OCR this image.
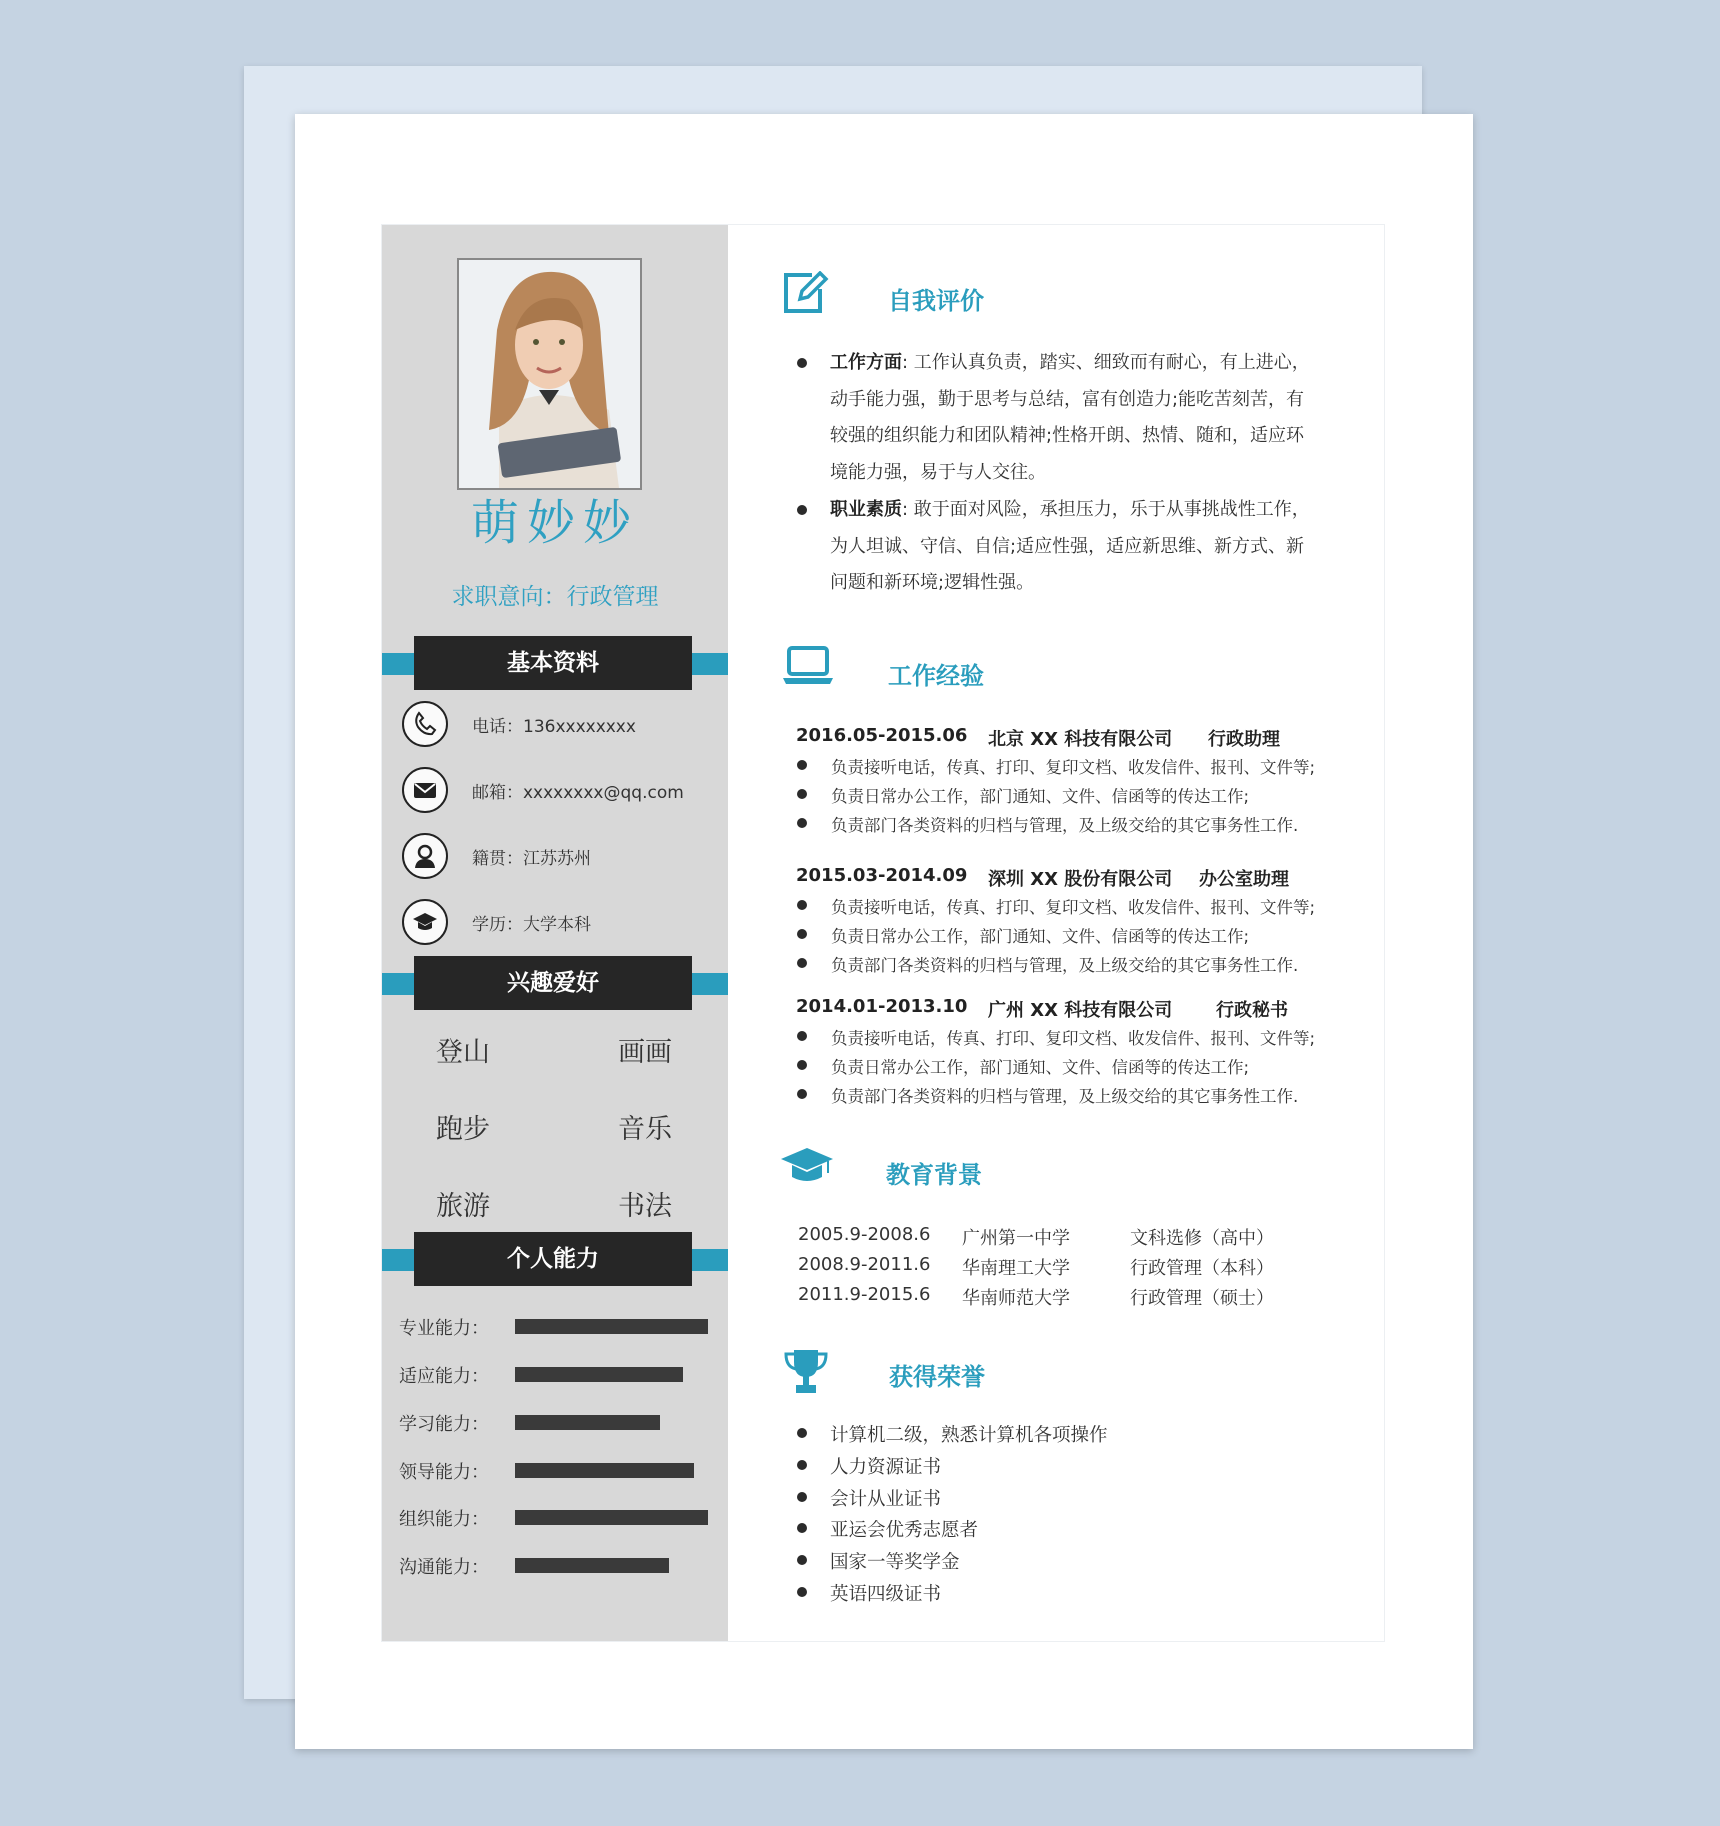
萌妙妙
求职意向：行政管理
基本资料
电话：136xxxxxxxx
邮箱：xxxxxxxx@qq.com
籍贯：江苏苏州
学历：大学本科
兴趣爱好
登山	画画
跑步	音乐
旅游	书法
个人能力
专业能力：
适应能力：
学习能力：
领导能力：
组织能力：
沟通能力：
自我评价
工作方面: 工作认真负责，踏实、细致而有耐心，有上进心，动手能力强，勤于思考与总结，富有创造力;能吃苦刻苦，有较强的组织能力和团队精神;性格开朗、热情、随和，适应环境能力强，易于与人交往。
职业素质: 敢于面对风险，承担压力，乐于从事挑战性工作，为人坦诚、守信、自信;适应性强，适应新思维、新方式、新问题和新环境;逻辑性强。
工作经验
2016.05-2015.06 北京 XX 科技有限公司 行政助理
负责接听电话，传真、打印、复印文档、收发信件、报刊、文件等;
负责日常办公工作，部门通知、文件、信函等的传达工作;
负责部门各类资料的归档与管理，及上级交给的其它事务性工作.
2015.03-2014.09 深圳 XX 股份有限公司 办公室助理
负责接听电话，传真、打印、复印文档、收发信件、报刊、文件等;
负责日常办公工作，部门通知、文件、信函等的传达工作;
负责部门各类资料的归档与管理，及上级交给的其它事务性工作.
2014.01-2013.10 广州 XX 科技有限公司 行政秘书
负责接听电话，传真、打印、复印文档、收发信件、报刊、文件等;
负责日常办公工作，部门通知、文件、信函等的传达工作;
负责部门各类资料的归档与管理，及上级交给的其它事务性工作.
教育背景
2005.9-2008.6 广州第一中学	文科选修（高中）
2008.9-2011.6 华南理工大学	行政管理（本科）
2011.9-2015.6 华南师范大学	行政管理（硕士）
获得荣誉
计算机二级，熟悉计算机各项操作
人力资源证书
会计从业证书
亚运会优秀志愿者
国家一等奖学金
英语四级证书
